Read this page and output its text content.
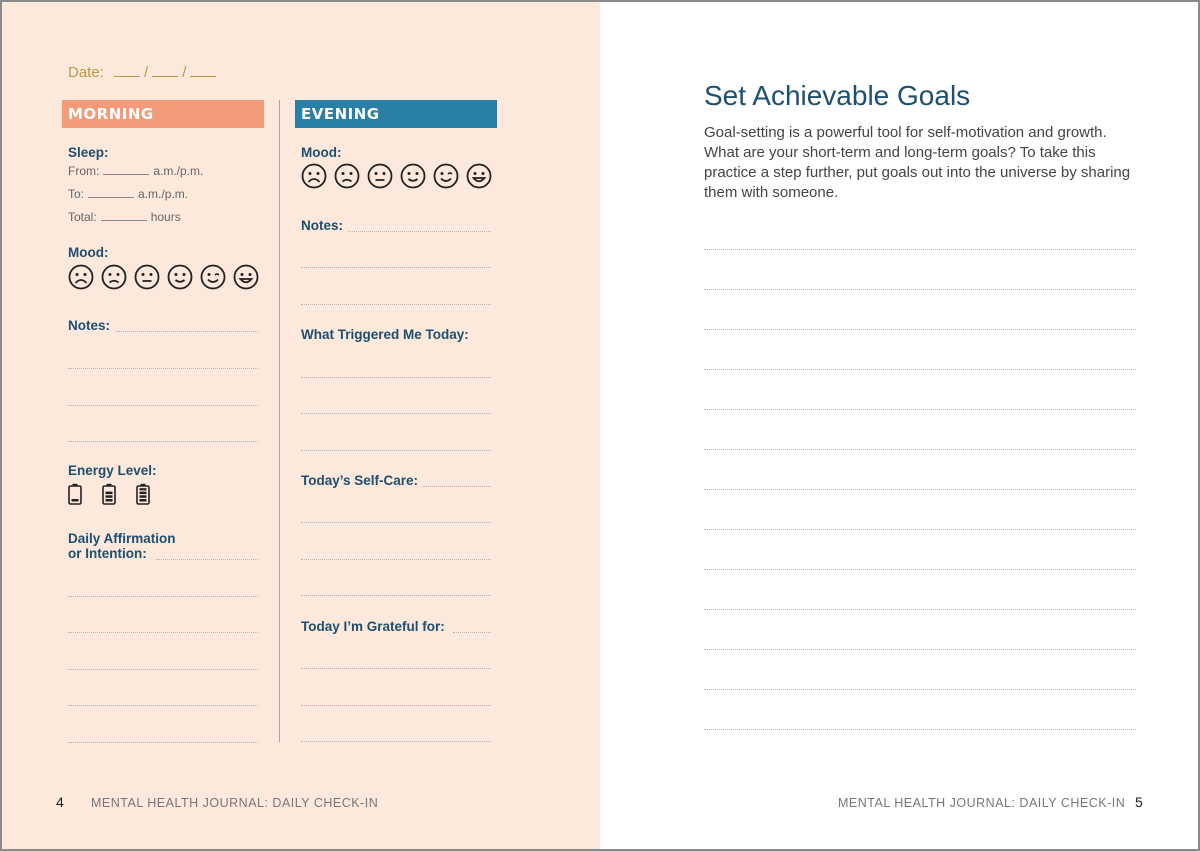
Date:	/ /
MORNING	EVENING
Sleep:
From:	a.m./p.m.
To:	a.m./p.m.
Total:	hours
Mood:
Notes:
Energy Level:
Daily Affirmation
or Intention:
Mood:
Notes:
What Triggered Me Today:
Today’s Self-Care:
Today I’m Grateful for:
4 MENTAL HEALTH JOURNAL: DAILY CHECK-IN
Set Achievable Goals
Goal-setting is a powerful tool for self-motivation and growth. What are your short-term and long-term goals? To take this practice a step further, put goals out into the universe by sharing them with someone.
MENTAL HEALTH JOURNAL: DAILY CHECK-IN 5
